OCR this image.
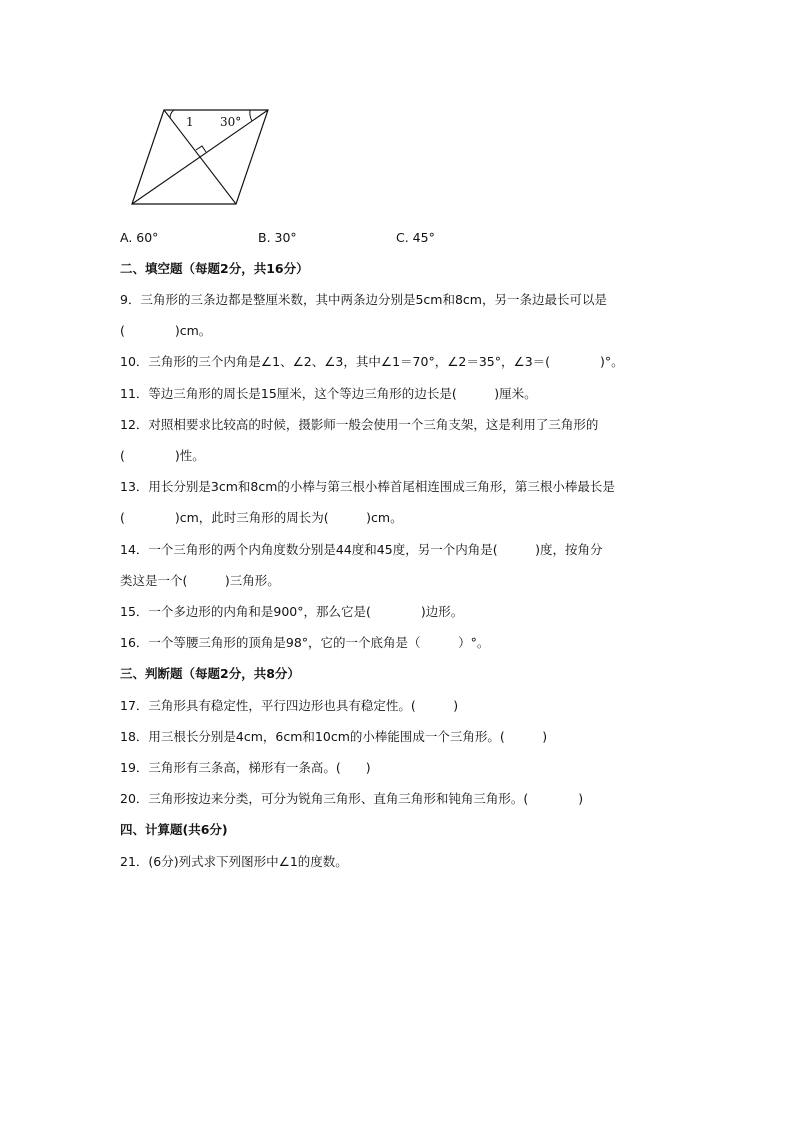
1 30°
A. 60°	B. 30°	C. 45°
二、填空题（每题2分，共16分）
9．三角形的三条边都是整厘米数，其中两条边分别是5cm和8cm，另一条边最长可以是
(　　　　)cm。
10．三角形的三个内角是∠1、∠2、∠3，其中∠1＝70°，∠2＝35°，∠3＝(　　　　)°。
11．等边三角形的周长是15厘米，这个等边三角形的边长是(　　　)厘米。
12．对照相要求比较高的时候，摄影师一般会使用一个三角支架，这是利用了三角形的
(　　　　)性。
13．用长分别是3cm和8cm的小棒与第三根小棒首尾相连围成三角形，第三根小棒最长是
(　　　　)cm，此时三角形的周长为(　　　)cm。
14．一个三角形的两个内角度数分别是44度和45度，另一个内角是(　　　)度，按角分
类这是一个(　　　)三角形。
15．一个多边形的内角和是900°，那么它是(　　　　)边形。
16．一个等腰三角形的顶角是98°，它的一个底角是（　　　）°。
三、判断题（每题2分，共8分）
17．三角形具有稳定性，平行四边形也具有稳定性。(　　　)
18．用三根长分别是4cm，6cm和10cm的小棒能围成一个三角形。(　　　)
19．三角形有三条高，梯形有一条高。(　　)
20．三角形按边来分类，可分为锐角三角形、直角三角形和钝角三角形。(　　　　)
四、计算题(共6分)
21．(6分)列式求下列图形中∠1的度数。
